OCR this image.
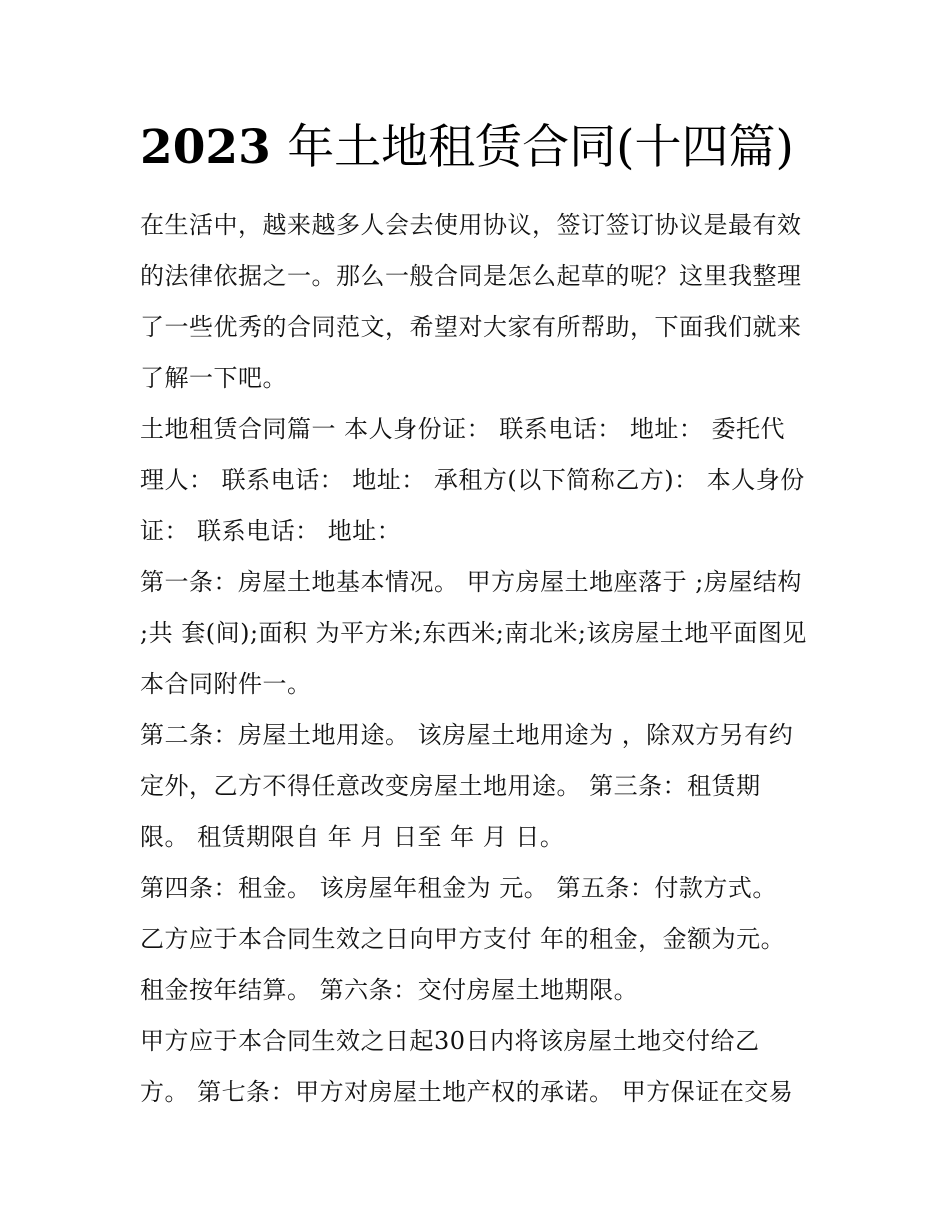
2023 年土地租赁合同(十四篇)
在生活中，越来越多人会去使用协议，签订签订协议是最有效
的法律依据之一。那么一般合同是怎么起草的呢？这里我整理
了一些优秀的合同范文，希望对大家有所帮助，下面我们就来
了解一下吧。
土地租赁合同篇一 本人身份证： 联系电话： 地址： 委托代
理人： 联系电话： 地址： 承租方(以下简称乙方)： 本人身份
证： 联系电话： 地址：
第一条：房屋土地基本情况。 甲方房屋土地座落于 ;房屋结构
;共 套(间);面积 为平方米;东西米;南北米;该房屋土地平面图见
本合同附件一。
第二条：房屋土地用途。 该房屋土地用途为 ，除双方另有约
定外，乙方不得任意改变房屋土地用途。 第三条：租赁期
限。 租赁期限自 年 月 日至 年 月 日。
第四条：租金。 该房屋年租金为 元。 第五条：付款方式。
乙方应于本合同生效之日向甲方支付 年的租金，金额为元。
租金按年结算。 第六条：交付房屋土地期限。
甲方应于本合同生效之日起30日内将该房屋土地交付给乙
方。 第七条：甲方对房屋土地产权的承诺。 甲方保证在交易
